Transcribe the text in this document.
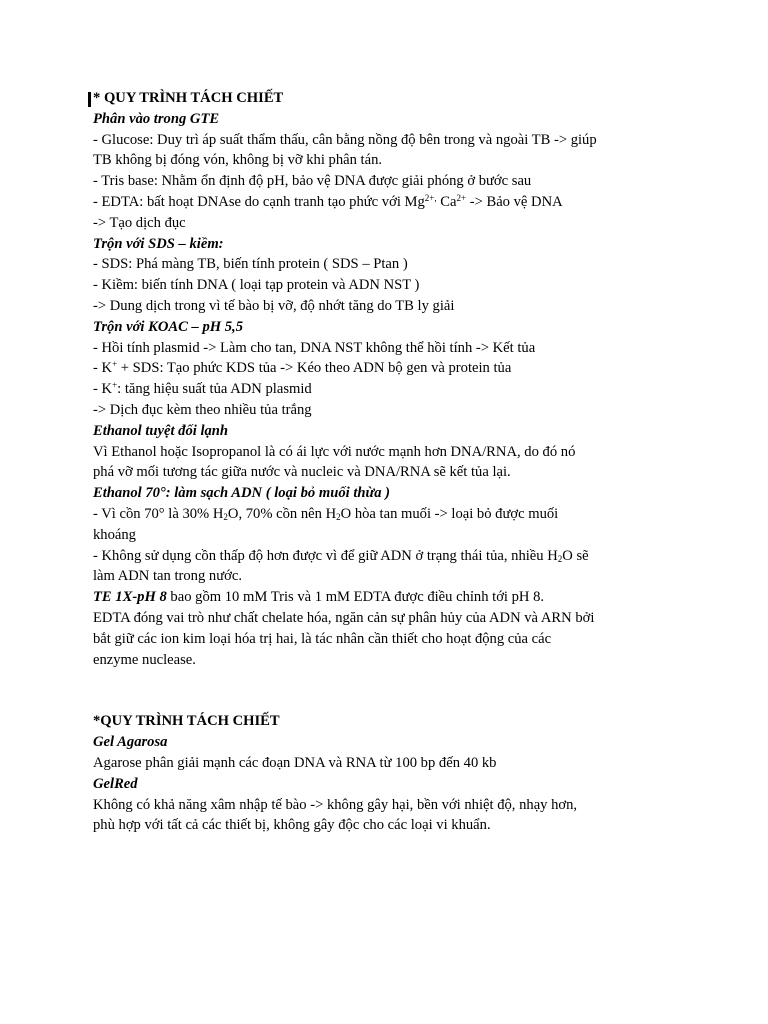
* QUY TRÌNH TÁCH CHIẾT
Phân vào trong GTE
- Glucose: Duy trì áp suất thẩm thấu, cân bằng nồng độ bên trong và ngoài TB -> giúp
TB không bị đóng vón, không bị vỡ khi phân tán.
- Tris base: Nhằm ổn định độ pH, bảo vệ DNA được giải phóng ở bước sau
- EDTA: bất hoạt DNAse do cạnh tranh tạo phức với $Mg^{2+,}$ $Ca^{2+}$ -> Bảo vệ DNA
-> Tạo dịch đục
Trộn với SDS – kiềm:
- SDS: Phá màng TB, biến tính protein ( SDS – Ptan )
- Kiềm: biến tính DNA ( loại tạp protein và ADN NST )
-> Dung dịch trong vì tế bào bị vỡ, độ nhớt tăng do TB ly giải
Trộn với KOAC – pH 5,5
- Hồi tính plasmid -> Làm cho tan, DNA NST không thể hồi tính -> Kết tủa
- K+ + SDS: Tạo phức KDS tủa -> Kéo theo ADN bộ gen và protein tủa
- K+: tăng hiệu suất tủa ADN plasmid
-> Dịch đục kèm theo nhiều tủa trắng
Ethanol tuyệt đối lạnh
Vì Ethanol hoặc Isopropanol là có ái lực với nước mạnh hơn DNA/RNA, do đó nó
phá vỡ mối tương tác giữa nước và nucleic và DNA/RNA sẽ kết tủa lại.
Ethanol 70°: làm sạch ADN ( loại bỏ muối thừa )
- Vì cồn 70° là 30% $H_2O$, 70% cồn nên $H_2O$ hòa tan muối -> loại bỏ được muối
khoáng
- Không sử dụng cồn thấp độ hơn được vì để giữ ADN ở trạng thái tủa, nhiều $H_2O$ sẽ
làm ADN tan trong nước.
TE 1X-pH 8 bao gồm 10 mM Tris và 1 mM EDTA được điều chỉnh tới pH 8.
EDTA đóng vai trò như chất chelate hóa, ngăn cản sự phân hủy của ADN và ARN bởi
bắt giữ các ion kim loại hóa trị hai, là tác nhân cần thiết cho hoạt động của các
enzyme nuclease.
*QUY TRÌNH TÁCH CHIẾT
Gel Agarosa
Agarose phân giải mạnh các đoạn DNA và RNA từ 100 bp đến 40 kb
GelRed
Không có khả năng xâm nhập tế bào -> không gây hại, bền với nhiệt độ, nhạy hơn,
phù hợp với tất cả các thiết bị, không gây độc cho các loại vi khuẩn.
